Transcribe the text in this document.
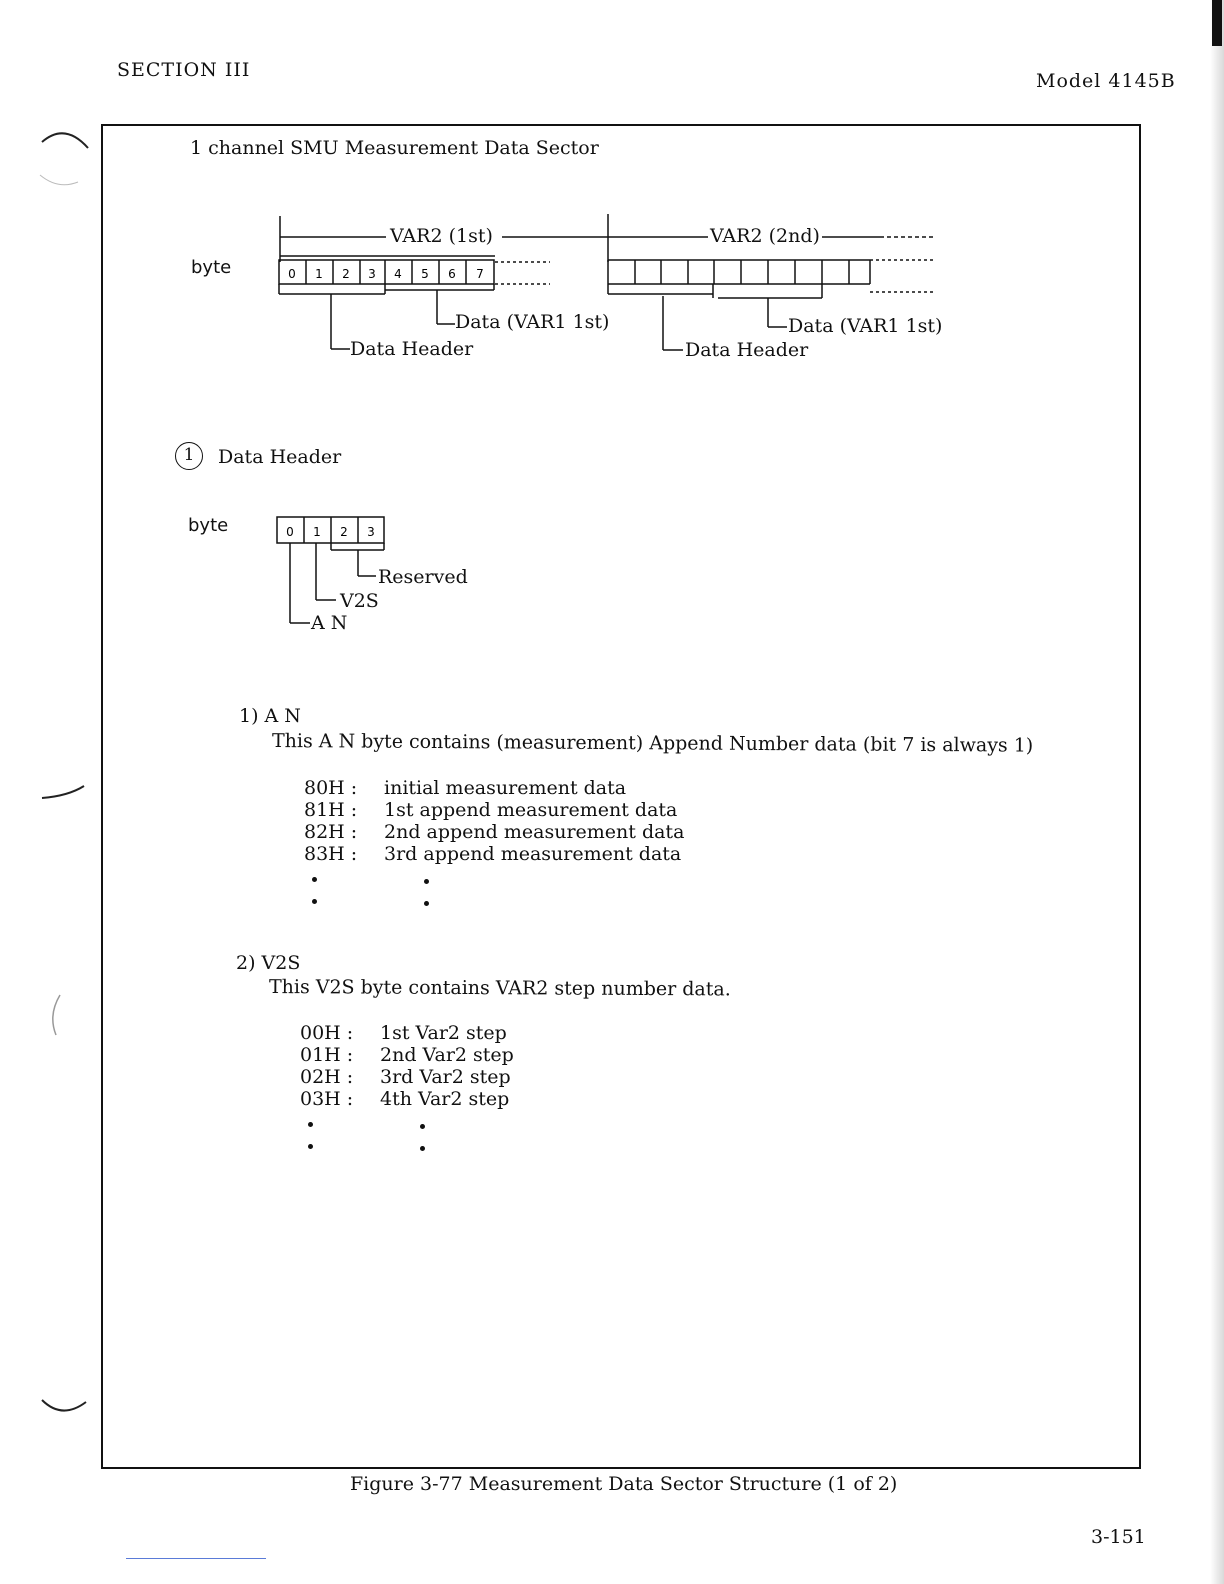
SECTION III	Model 4145B
1 channel SMU Measurement Data Sector
byte	0 1 2 3 4 5 6 7
VAR2 (1st)	VAR2 (2nd)
Data (VAR1 1st)
Data Header
Data (VAR1 1st)
Data Header
1	Data Header
byte	0 1 2 3
Reserved
V2S
A N
1) A N
This A N byte contains (measurement) Append Number data (bit 7 is always 1)
80H : initial measurement data
81H : 1st append measurement data
82H : 2nd append measurement data
83H : 3rd append measurement data
2) V2S
This V2S byte contains VAR2 step number data.
00H : 1st Var2 step
01H : 2nd Var2 step
02H : 3rd Var2 step
03H : 4th Var2 step
Figure 3-77 Measurement Data Sector Structure (1 of 2)
3-151
